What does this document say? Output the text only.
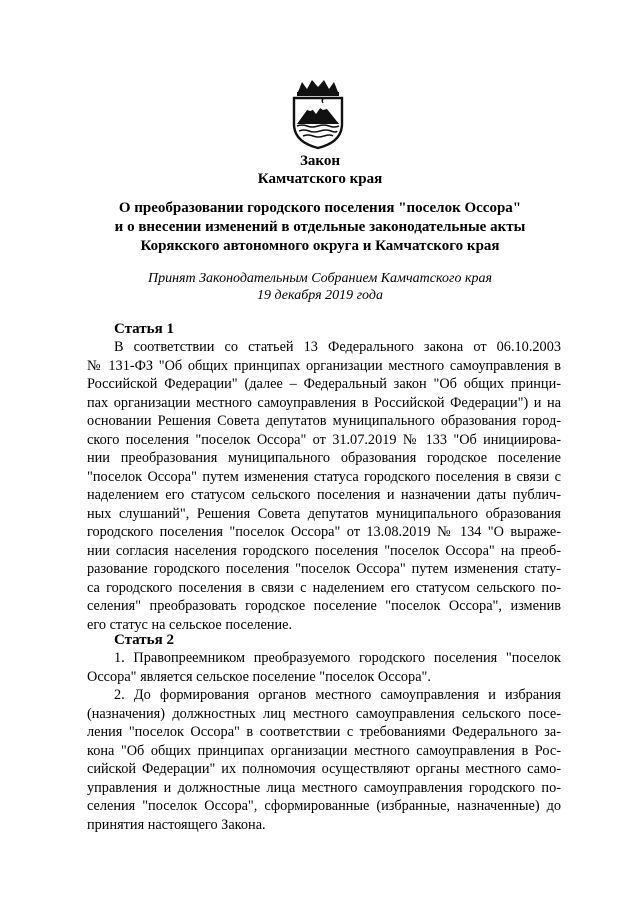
Закон
Камчатского края
О преобразовании городского поселения "поселок Оссора"
и о внесении изменений в отдельные законодательные акты
Корякского автономного округа и Камчатского края
Принят Законодательным Собранием Камчатского края
19 декабря 2019 года
Статья 1
В соответствии со статьей 13 Федерального закона от 06.10.2003
№ 131-ФЗ "Об общих принципах организации местного самоуправления в
Российской Федерации" (далее – Федеральный закон "Об общих принци-
пах организации местного самоуправления в Российской Федерации") и на
основании Решения Совета депутатов муниципального образования город-
ского поселения "поселок Оссора" от 31.07.2019 № 133 "Об инициирова-
нии преобразования муниципального образования городское поселение
"поселок Оссора" путем изменения статуса городского поселения в связи с
наделением его статусом сельского поселения и назначении даты публич-
ных слушаний", Решения Совета депутатов муниципального образования
городского поселения "поселок Оссора" от 13.08.2019 № 134 "О выраже-
нии согласия населения городского поселения "поселок Оссора" на преоб-
разование городского поселения "поселок Оссора" путем изменения стату-
са городского поселения в связи с наделением его статусом сельского по-
селения" преобразовать городское поселение "поселок Оссора", изменив
его статус на сельское поселение.
Статья 2
1. Правопреемником преобразуемого городского поселения "поселок
Оссора" является сельское поселение "поселок Оссора".
2. До формирования органов местного самоуправления и избрания
(назначения) должностных лиц местного самоуправления сельского посе-
ления "поселок Оссора" в соответствии с требованиями Федерального за-
кона "Об общих принципах организации местного самоуправления в Рос-
сийской Федерации" их полномочия осуществляют органы местного само-
управления и должностные лица местного самоуправления городского по-
селения "поселок Оссора", сформированные (избранные, назначенные) до
принятия настоящего Закона.
